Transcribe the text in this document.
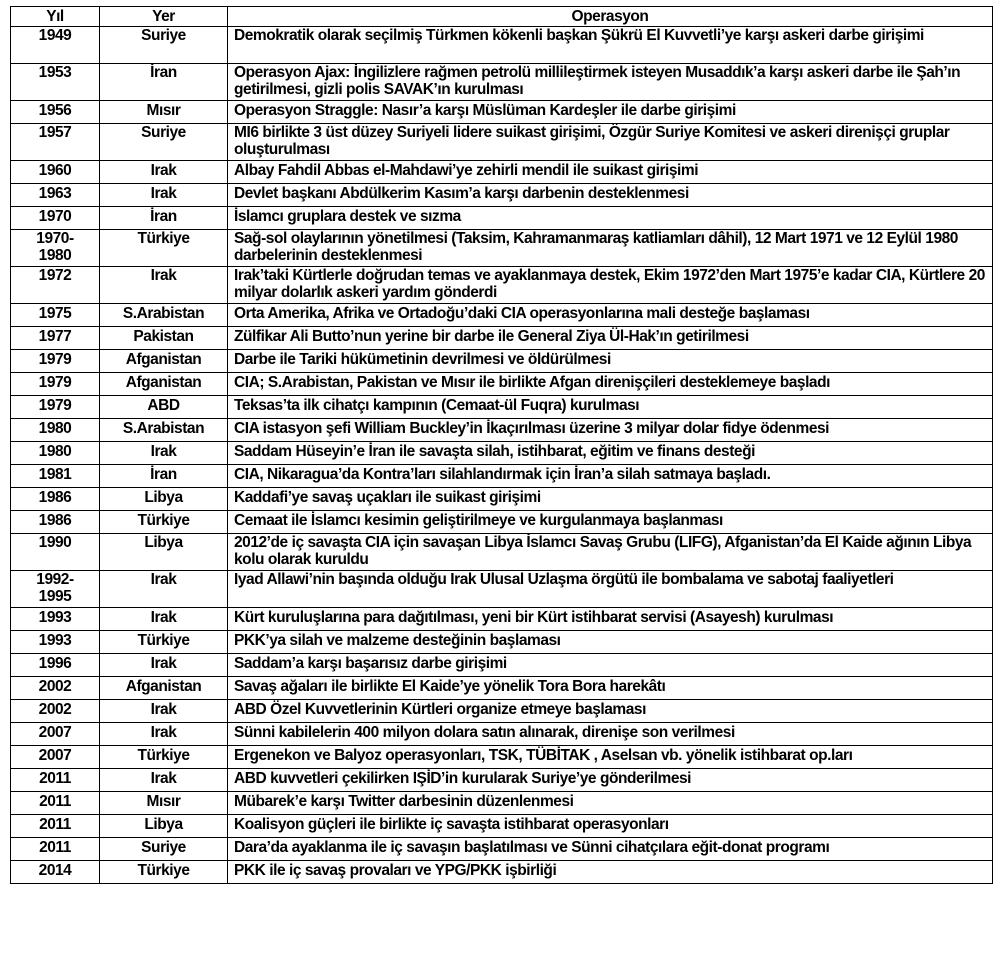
Yıl	Yer	Operasyon
1949	Suriye	Demokratik olarak seçilmiş Türkmen kökenli başkan Şükrü El Kuvvetli’ye karşı askeri darbe girişimi
1953	İran	Operasyon Ajax: İngilizlere rağmen petrolü millileştirmek isteyen Musaddık’a karşı askeri darbe ile Şah’ın getirilmesi, gizli polis SAVAK’ın kurulması
1956	Mısır	Operasyon Straggle: Nasır’a karşı Müslüman Kardeşler ile darbe girişimi
1957	Suriye	MI6 birlikte 3 üst düzey Suriyeli lidere suikast girişimi, Özgür Suriye Komitesi ve askeri direnişçi gruplar oluşturulması
1960	Irak	Albay Fahdil Abbas el-Mahdawi’ye zehirli mendil ile suikast girişimi
1963	Irak	Devlet başkanı Abdülkerim Kasım’a karşı darbenin desteklenmesi
1970	İran	İslamcı gruplara destek ve sızma
1970-
1980	Türkiye	Sağ-sol olaylarının yönetilmesi (Taksim, Kahramanmaraş katliamları dâhil), 12 Mart 1971 ve 12 Eylül 1980 darbelerinin desteklenmesi
1972	Irak	Irak’taki Kürtlerle doğrudan temas ve ayaklanmaya destek, Ekim 1972’den Mart 1975’e kadar CIA, Kürtlere 20 milyar dolarlık askeri yardım gönderdi
1975	S.Arabistan	Orta Amerika, Afrika ve Ortadoğu’daki CIA operasyonlarına mali desteğe başlaması
1977	Pakistan	Zülfikar Ali Butto’nun yerine bir darbe ile General Ziya Ül-Hak’ın getirilmesi
1979	Afganistan	Darbe ile Tariki hükümetinin devrilmesi ve öldürülmesi
1979	Afganistan	CIA; S.Arabistan, Pakistan ve Mısır ile birlikte Afgan direnişçileri desteklemeye başladı
1979	ABD	Teksas’ta ilk cihatçı kampının (Cemaat-ül Fuqra) kurulması
1980	S.Arabistan	CIA istasyon şefi William Buckley’in İkaçırılması üzerine 3 milyar dolar fidye ödenmesi
1980	Irak	Saddam Hüseyin’e İran ile savaşta silah, istihbarat, eğitim ve finans desteği
1981	İran	CIA, Nikaragua’da Kontra’ları silahlandırmak için İran’a silah satmaya başladı.
1986	Libya	Kaddafi’ye savaş uçakları ile suikast girişimi
1986	Türkiye	Cemaat ile İslamcı kesimin geliştirilmeye ve kurgulanmaya başlanması
1990	Libya	2012’de iç savaşta CIA için savaşan Libya İslamcı Savaş Grubu (LIFG), Afganistan’da El Kaide ağının Libya kolu olarak kuruldu
1992-
1995	Irak	Iyad Allawi’nin başında olduğu Irak Ulusal Uzlaşma örgütü ile bombalama ve sabotaj faaliyetleri
1993	Irak	Kürt kuruluşlarına para dağıtılması, yeni bir Kürt istihbarat servisi (Asayesh) kurulması
1993	Türkiye	PKK’ya silah ve malzeme desteğinin başlaması
1996	Irak	Saddam’a karşı başarısız darbe girişimi
2002	Afganistan	Savaş ağaları ile birlikte El Kaide’ye yönelik Tora Bora harekâtı
2002	Irak	ABD Özel Kuvvetlerinin Kürtleri organize etmeye başlaması
2007	Irak	Sünni kabilelerin 400 milyon dolara satın alınarak, direnişe son verilmesi
2007	Türkiye	Ergenekon ve Balyoz operasyonları, TSK, TÜBİTAK , Aselsan vb. yönelik istihbarat op.ları
2011	Irak	ABD kuvvetleri çekilirken IŞİD’in kurularak Suriye’ye gönderilmesi
2011	Mısır	Mübarek’e karşı Twitter darbesinin düzenlenmesi
2011	Libya	Koalisyon güçleri ile birlikte iç savaşta istihbarat operasyonları
2011	Suriye	Dara’da ayaklanma ile iç savaşın başlatılması ve Sünni cihatçılara eğit-donat programı
2014	Türkiye	PKK ile iç savaş provaları ve YPG/PKK işbirliği
